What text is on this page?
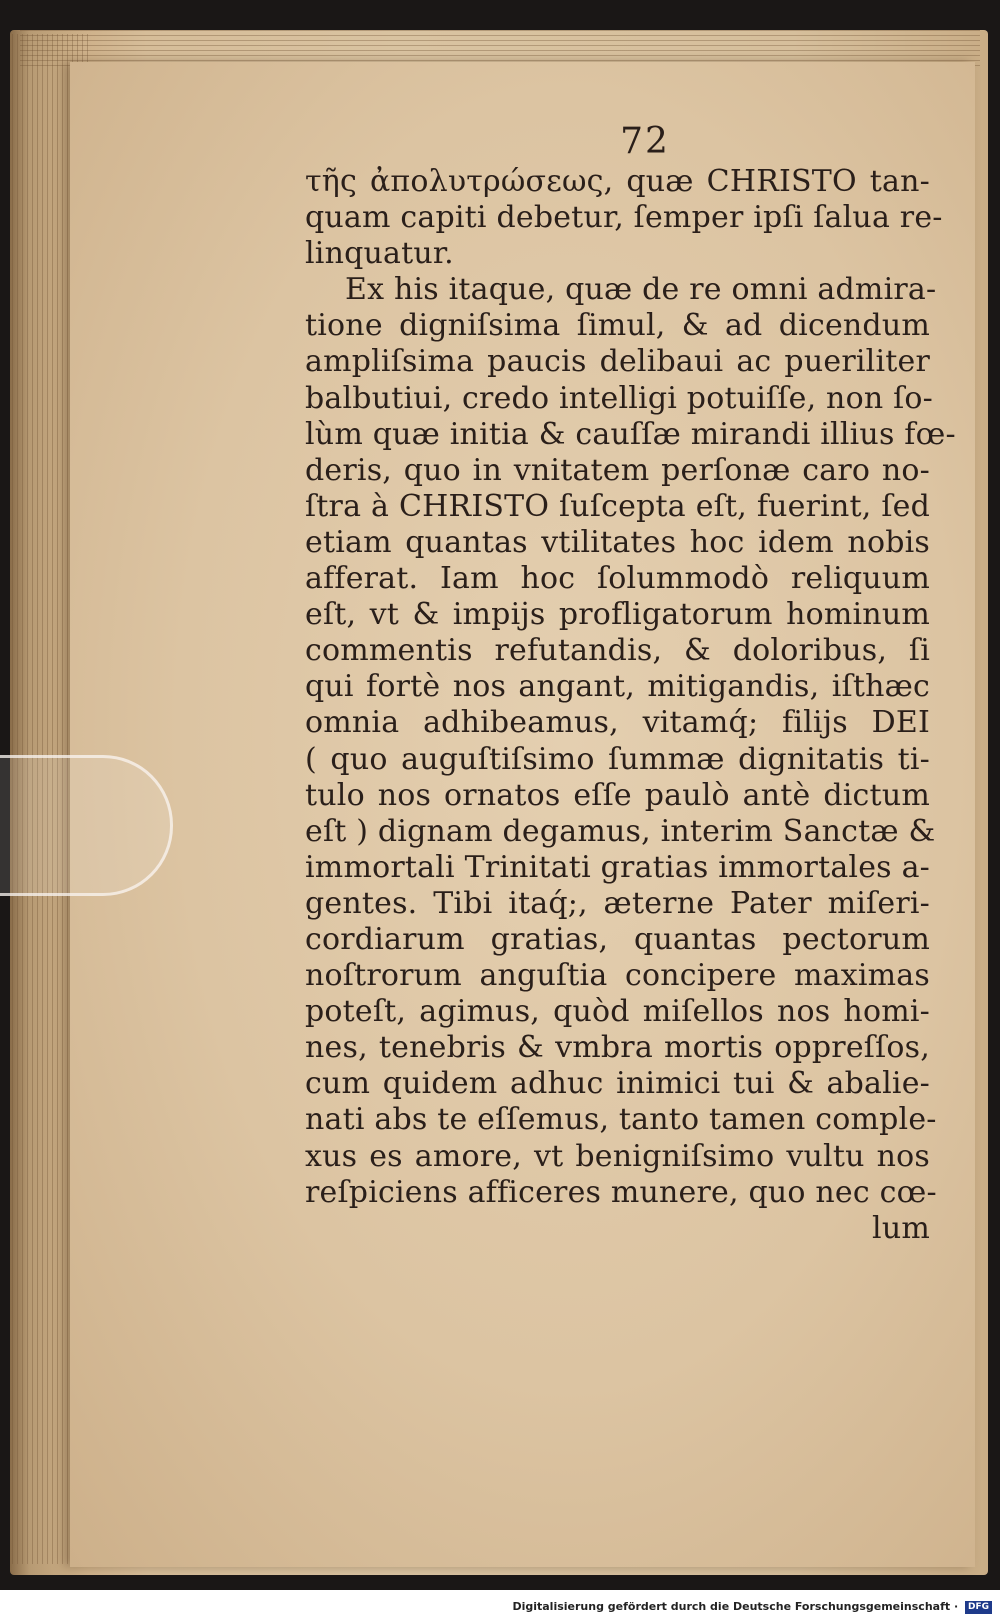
72
τῆς ἀπολυτρώσεως, quæ CHRISTO tan-
quam capiti debetur, ſemper ipſi ſalua re-
linquatur.
Ex his itaque, quæ de re omni admira-
tione digniſsima ſimul, & ad dicendum
ampliſsima paucis delibaui ac pueriliter
balbutiui, credo intelligi potuiſſe, non ſo-
lùm quæ initia & cauſſæ mirandi illius fœ-
deris, quo in vnitatem perſonæ caro no-
ſtra à CHRISTO ſuſcepta eſt, fuerint, ſed
etiam quantas vtilitates hoc idem nobis
afferat. Iam hoc ſolummodò reliquum
eſt, vt & impijs profligatorum hominum
commentis refutandis, & doloribus, ſi
qui fortè nos angant, mitigandis, iſthæc
omnia adhibeamus, vitamq́; filijs DEI
( quo auguſtiſsimo ſummæ dignitatis ti-
tulo nos ornatos eſſe paulò antè dictum
eſt ) dignam degamus, interim Sanctæ &
immortali Trinitati gratias immortales a-
gentes. Tibi itaq́;, æterne Pater miſeri-
cordiarum gratias, quantas pectorum
noſtrorum anguſtia concipere maximas
poteſt, agimus, quòd miſellos nos homi-
nes, tenebris & vmbra mortis oppreſſos,
cum quidem adhuc inimici tui & abalie-
nati abs te eſſemus, tanto tamen comple-
xus es amore, vt benigniſsimo vultu nos
reſpiciens afficeres munere, quo nec cœ-
lum
Digitalisierung gefördert durch die Deutsche Forschungsgemeinschaft · DFG
